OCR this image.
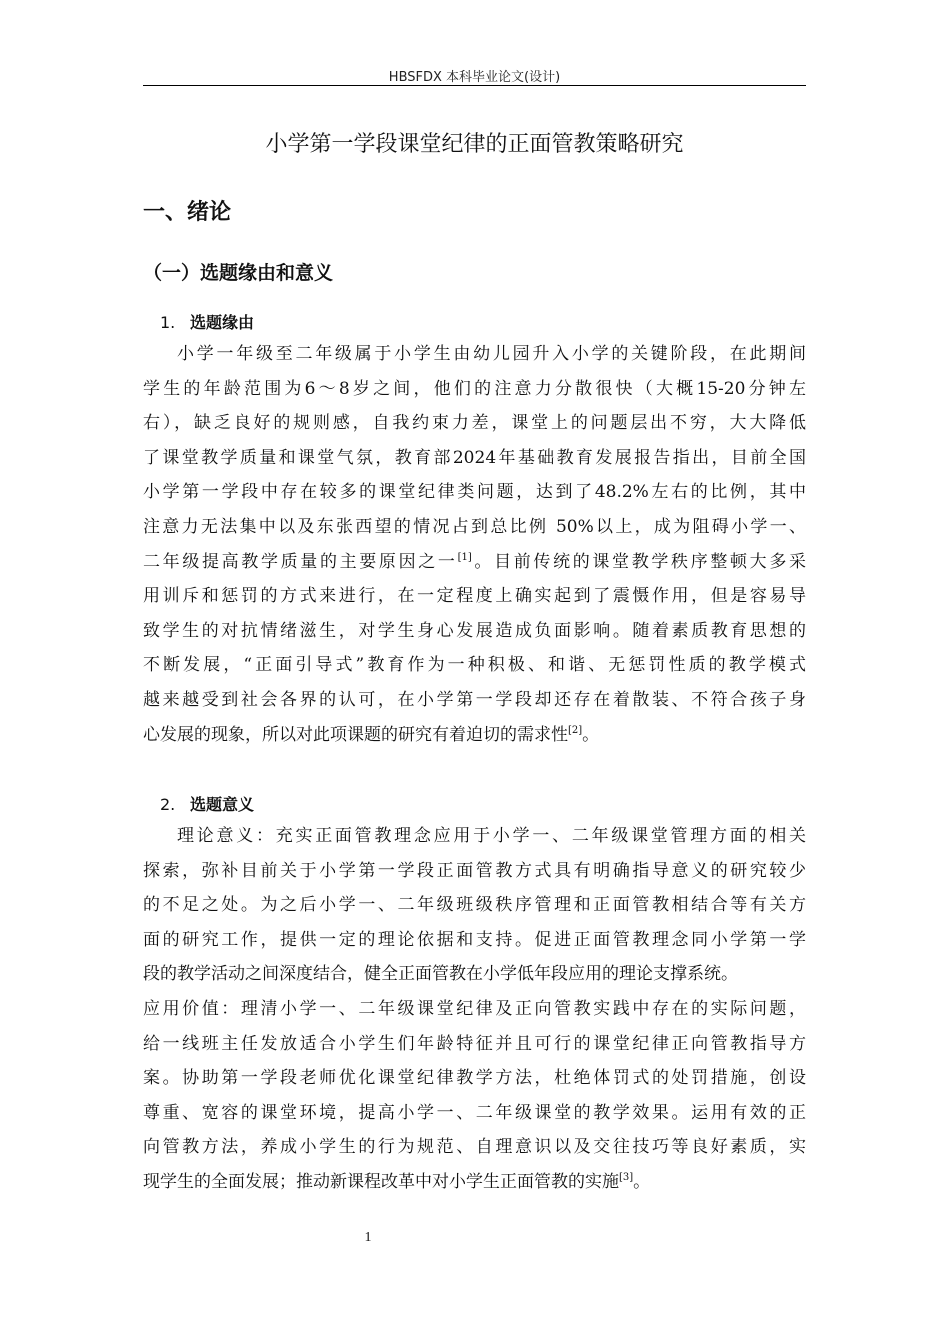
HBSFDX 本科毕业论文(设计)
小学第一学段课堂纪律的正面管教策略研究
一、绪论
（一）选题缘由和意义
1. 选题缘由
小学一年级至二年级属于小学生由幼儿园升入小学的关键阶段，在此期间
学生的年龄范围为6～8岁之间，他们的注意力分散很快（大概15-20分钟左
右），缺乏良好的规则感，自我约束力差，课堂上的问题层出不穷，大大降低
了课堂教学质量和课堂气氛，教育部2024年基础教育发展报告指出，目前全国
小学第一学段中存在较多的课堂纪律类问题，达到了48.2%左右的比例，其中
注意力无法集中以及东张西望的情况占到总比例 50%以上，成为阻碍小学一、
二年级提高教学质量的主要原因之一[1]。目前传统的课堂教学秩序整顿大多采
用训斥和惩罚的方式来进行，在一定程度上确实起到了震慑作用，但是容易导
致学生的对抗情绪滋生，对学生身心发展造成负面影响。随着素质教育思想的
不断发展，“正面引导式”教育作为一种积极、和谐、无惩罚性质的教学模式
越来越受到社会各界的认可，在小学第一学段却还存在着散装、不符合孩子身
心发展的现象，所以对此项课题的研究有着迫切的需求性[2]。
2. 选题意义
理论意义：充实正面管教理念应用于小学一、二年级课堂管理方面的相关
探索，弥补目前关于小学第一学段正面管教方式具有明确指导意义的研究较少
的不足之处。为之后小学一、二年级班级秩序管理和正面管教相结合等有关方
面的研究工作，提供一定的理论依据和支持。促进正面管教理念同小学第一学
段的教学活动之间深度结合，健全正面管教在小学低年段应用的理论支撑系统。
应用价值：理清小学一、二年级课堂纪律及正向管教实践中存在的实际问题，
给一线班主任发放适合小学生们年龄特征并且可行的课堂纪律正向管教指导方
案。协助第一学段老师优化课堂纪律教学方法，杜绝体罚式的处罚措施，创设
尊重、宽容的课堂环境，提高小学一、二年级课堂的教学效果。运用有效的正
向管教方法，养成小学生的行为规范、自理意识以及交往技巧等良好素质，实
现学生的全面发展；推动新课程改革中对小学生正面管教的实施[3]。
1
